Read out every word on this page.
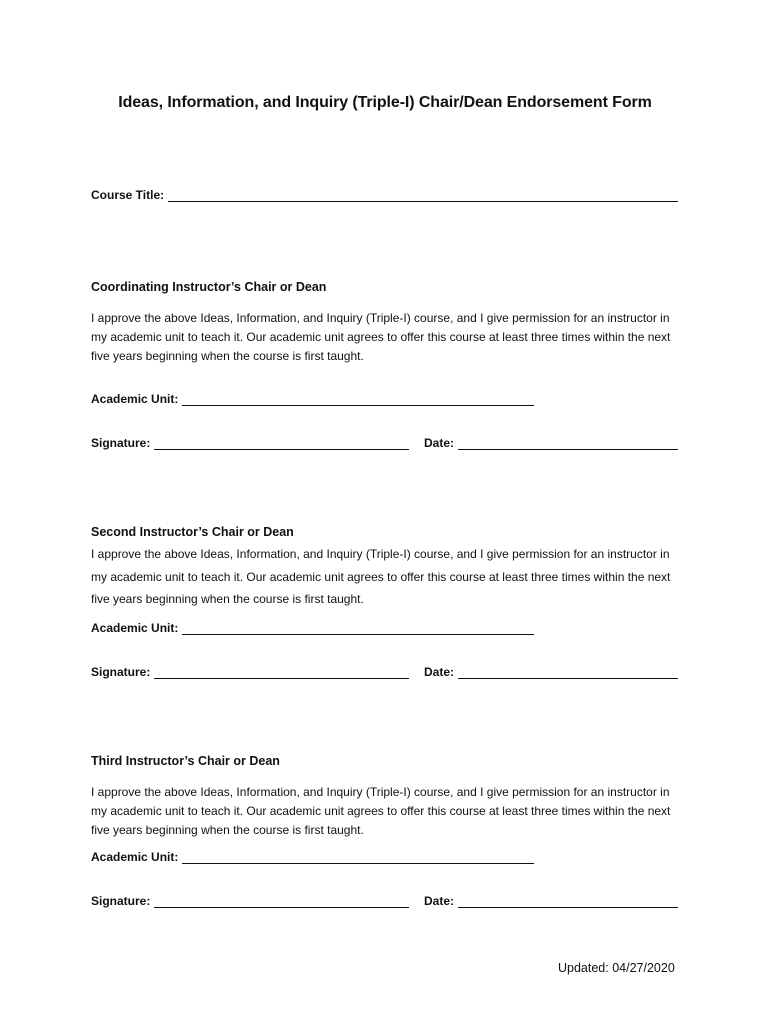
Ideas, Information, and Inquiry (Triple-I) Chair/Dean Endorsement Form
Course Title:
Coordinating Instructor’s Chair or Dean
I approve the above Ideas, Information, and Inquiry (Triple-I) course, and I give permission for an instructor in my academic unit to teach it. Our academic unit agrees to offer this course at least three times within the next five years beginning when the course is first taught.
Academic Unit:
Signature:	Date:
Second Instructor’s Chair or Dean
I approve the above Ideas, Information, and Inquiry (Triple-I) course, and I give permission for an instructor in my academic unit to teach it. Our academic unit agrees to offer this course at least three times within the next five years beginning when the course is first taught.
Academic Unit:
Signature:	Date:
Third Instructor’s Chair or Dean
I approve the above Ideas, Information, and Inquiry (Triple-I) course, and I give permission for an instructor in my academic unit to teach it. Our academic unit agrees to offer this course at least three times within the next five years beginning when the course is first taught.
Academic Unit:
Signature:	Date:
Updated: 04/27/2020
